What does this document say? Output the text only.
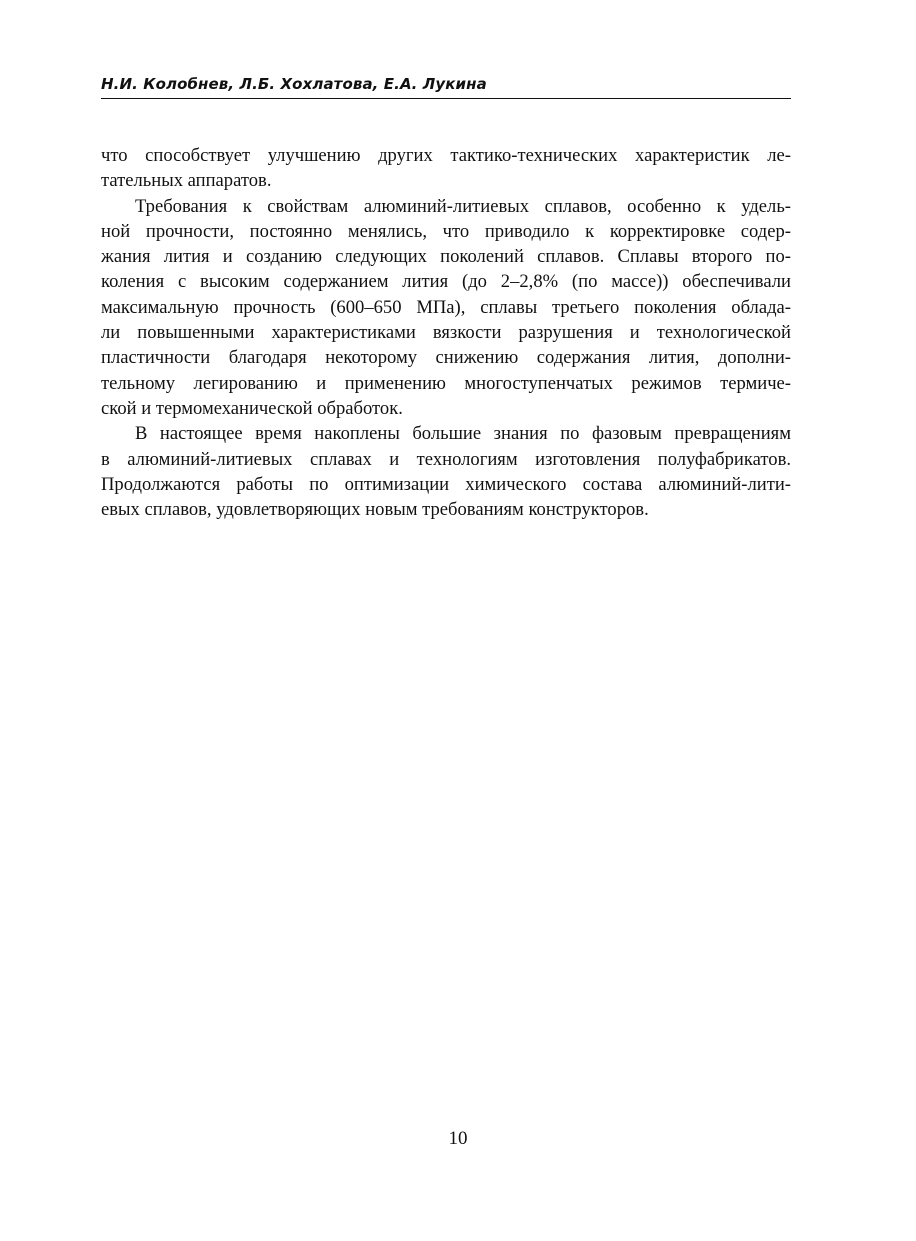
Н.И. Колобнев, Л.Б. Хохлатова, Е.А. Лукина
что способствует улучшению других тактико-технических характеристик ле-
тательных аппаратов.
Требования к свойствам алюминий-литиевых сплавов, особенно к удель-
ной прочности, постоянно менялись, что приводило к корректировке содер-
жания лития и созданию следующих поколений сплавов. Сплавы второго по-
коления с высоким содержанием лития (до 2–2,8% (по массе)) обеспечивали
максимальную прочность (600–650 МПа), сплавы третьего поколения облада-
ли повышенными характеристиками вязкости разрушения и технологической
пластичности благодаря некоторому снижению содержания лития, дополни-
тельному легированию и применению многоступенчатых режимов термиче-
ской и термомеханической обработок.
В настоящее время накоплены большие знания по фазовым превращениям
в алюминий-литиевых сплавах и технологиям изготовления полуфабрикатов.
Продолжаются работы по оптимизации химического состава алюминий-лити-
евых сплавов, удовлетворяющих новым требованиям конструкторов.
10
